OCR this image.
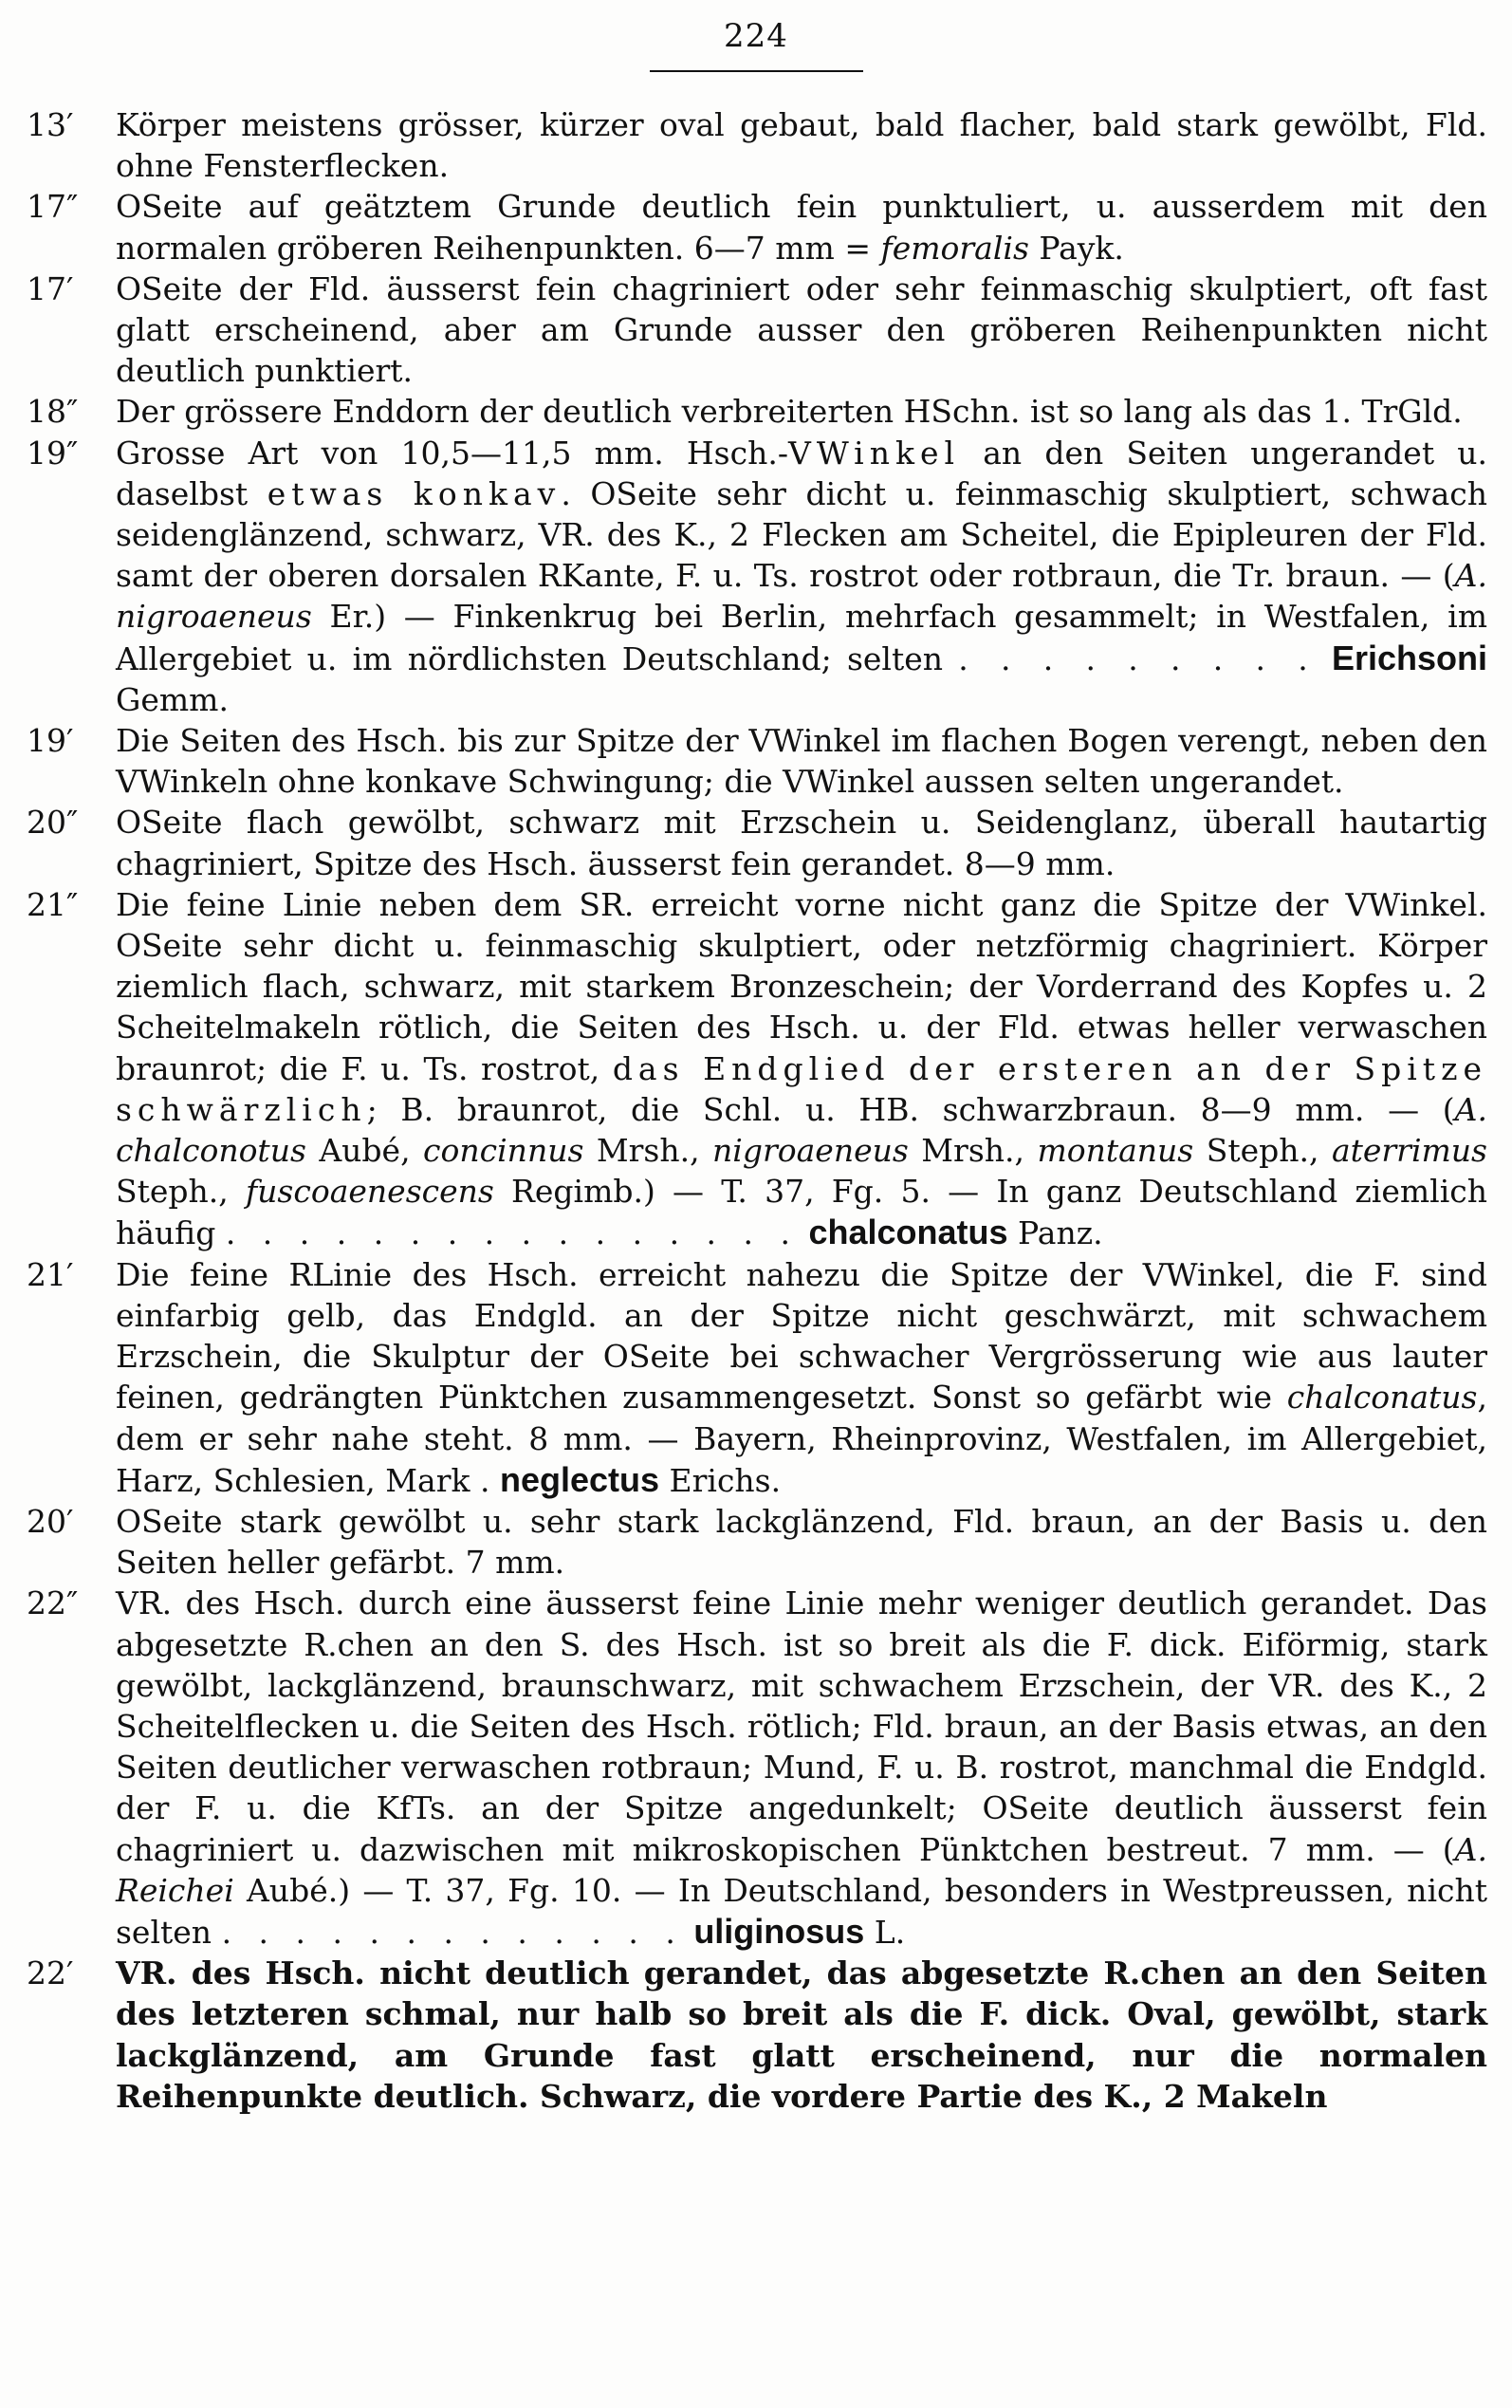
224
13′ Körper meistens grösser, kürzer oval gebaut, bald flacher, bald stark gewölbt, Fld. ohne Fensterflecken.
17″ OSeite auf geätztem Grunde deutlich fein punktuliert, u. ausserdem mit den normalen gröberen Reihenpunkten. 6—7 mm = femoralis Payk.
17′ OSeite der Fld. äusserst fein chagriniert oder sehr feinmaschig skulptiert, oft fast glatt erscheinend, aber am Grunde ausser den gröberen Reihenpunkten nicht deutlich punktiert.
18″ Der grössere Enddorn der deutlich verbreiterten HSchn. ist so lang als das 1. TrGld.
19″ Grosse Art von 10,5—11,5 mm. Hsch.-VWinkel an den Seiten ungerandet u. daselbst etwas konkav. OSeite sehr dicht u. feinmaschig skulptiert, schwach seidenglänzend, schwarz, VR. des K., 2 Flecken am Scheitel, die Epipleuren der Fld. samt der oberen dorsalen RKante, F. u. Ts. rostrot oder rotbraun, die Tr. braun. — (A. nigroaeneus Er.) — Finkenkrug bei Berlin, mehrfach gesammelt; in Westfalen, im Allergebiet u. im nördlichsten Deutschland; selten . . . . . . . . . Erichsoni Gemm.
19′ Die Seiten des Hsch. bis zur Spitze der VWinkel im flachen Bogen verengt, neben den VWinkeln ohne konkave Schwingung; die VWinkel aussen selten ungerandet.
20″ OSeite flach gewölbt, schwarz mit Erzschein u. Seidenglanz, überall hautartig chagriniert, Spitze des Hsch. äusserst fein gerandet. 8—9 mm.
21″ Die feine Linie neben dem SR. erreicht vorne nicht ganz die Spitze der VWinkel. OSeite sehr dicht u. feinmaschig skulptiert, oder netzförmig chagriniert. Körper ziemlich flach, schwarz, mit starkem Bronzeschein; der Vorderrand des Kopfes u. 2 Scheitelmakeln rötlich, die Seiten des Hsch. u. der Fld. etwas heller verwaschen braunrot; die F. u. Ts. rostrot, das Endglied der ersteren an der Spitze schwärzlich; B. braunrot, die Schl. u. HB. schwarzbraun. 8—9 mm. — (A. chalconotus Aubé, concinnus Mrsh., nigroaeneus Mrsh., montanus Steph., aterrimus Steph., fuscoaenescens Regimb.) — T. 37, Fg. 5. — In ganz Deutschland ziemlich häufig . . . . . . . . . . . . . . . . chalconatus Panz.
21′ Die feine RLinie des Hsch. erreicht nahezu die Spitze der VWinkel, die F. sind einfarbig gelb, das Endgld. an der Spitze nicht geschwärzt, mit schwachem Erzschein, die Skulptur der OSeite bei schwacher Vergrösserung wie aus lauter feinen, gedrängten Pünktchen zusammengesetzt. Sonst so gefärbt wie chalconatus, dem er sehr nahe steht. 8 mm. — Bayern, Rheinprovinz, Westfalen, im Allergebiet, Harz, Schlesien, Mark . neglectus Erichs.
20′ OSeite stark gewölbt u. sehr stark lackglänzend, Fld. braun, an der Basis u. den Seiten heller gefärbt. 7 mm.
22″ VR. des Hsch. durch eine äusserst feine Linie mehr weniger deutlich gerandet. Das abgesetzte R.chen an den S. des Hsch. ist so breit als die F. dick. Eiförmig, stark gewölbt, lackglänzend, braunschwarz, mit schwachem Erzschein, der VR. des K., 2 Scheitelflecken u. die Seiten des Hsch. rötlich; Fld. braun, an der Basis etwas, an den Seiten deutlicher verwaschen rotbraun; Mund, F. u. B. rostrot, manchmal die Endgld. der F. u. die KfTs. an der Spitze angedunkelt; OSeite deutlich äusserst fein chagriniert u. dazwischen mit mikroskopischen Pünktchen bestreut. 7 mm. — (A. Reichei Aubé.) — T. 37, Fg. 10. — In Deutschland, besonders in Westpreussen, nicht selten . . . . . . . . . . . . . uliginosus L.
22′ VR. des Hsch. nicht deutlich gerandet, das abgesetzte R.chen an den Seiten des letzteren schmal, nur halb so breit als die F. dick. Oval, gewölbt, stark lackglänzend, am Grunde fast glatt erscheinend, nur die normalen Reihenpunkte deutlich. Schwarz, die vordere Partie des K., 2 Makeln
